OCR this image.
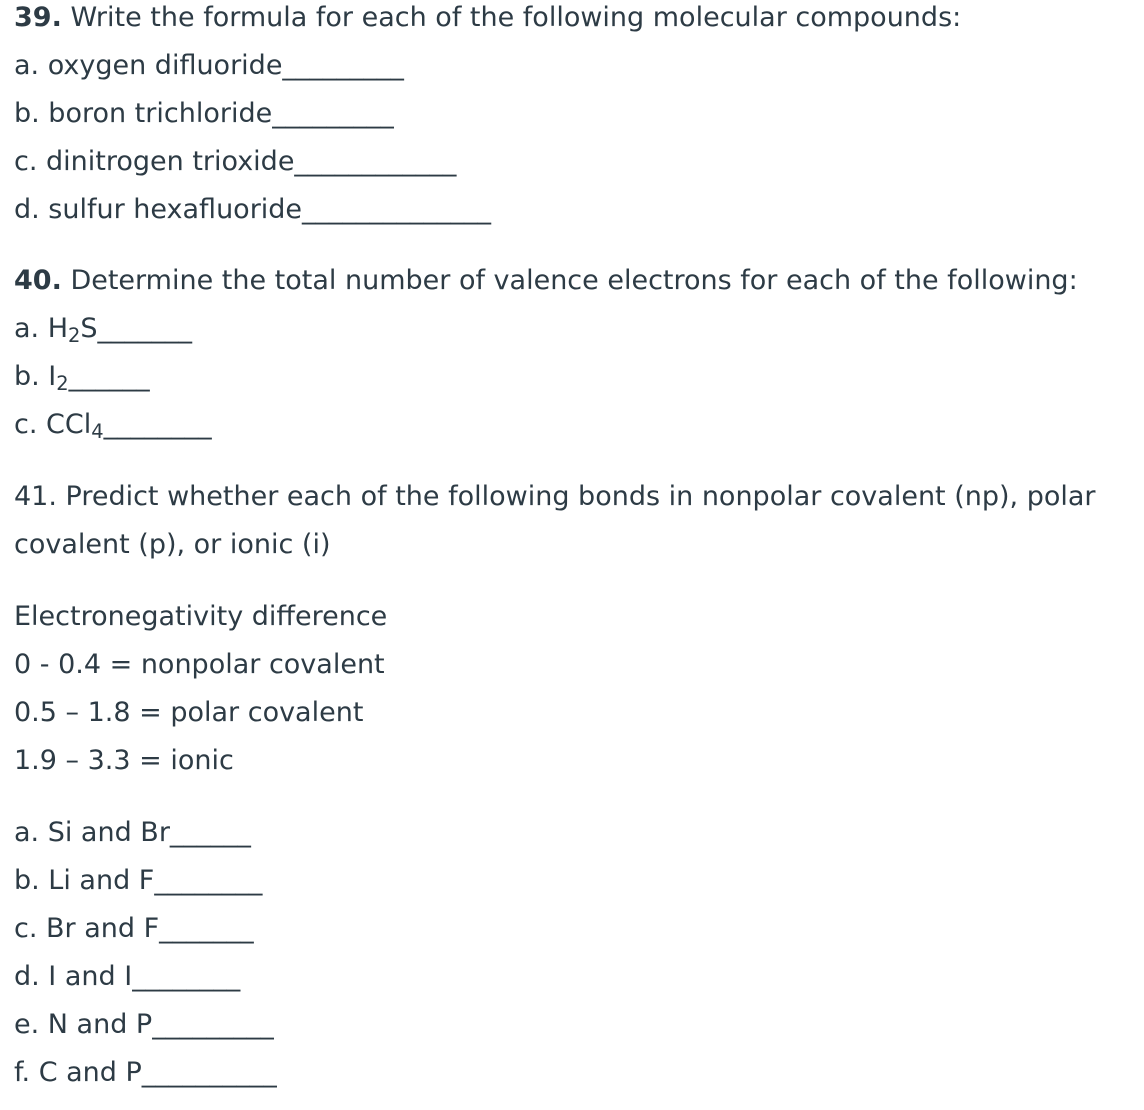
39. Write the formula for each of the following molecular compounds:
a. oxygen difluoride_________
b. boron trichloride_________
c. dinitrogen trioxide____________
d. sulfur hexafluoride______________
40. Determine the total number of valence electrons for each of the following:
a. $H_2S\_\_\_\_\_\_\_$
b. $I_2\_\_\_\_\_\_$
c. CCl$_4$________
41. Predict whether each of the following bonds in nonpolar covalent (np), polar
covalent (p), or ionic (i)
Electronegativity difference
0 - 0.4 = nonpolar covalent
0.5 – 1.8 = polar covalent
1.9 – 3.3 = ionic
a. Si and Br______
b. Li and F________
c. Br and F_______
d. I and I________
e. N and P_________
f. C and P__________
